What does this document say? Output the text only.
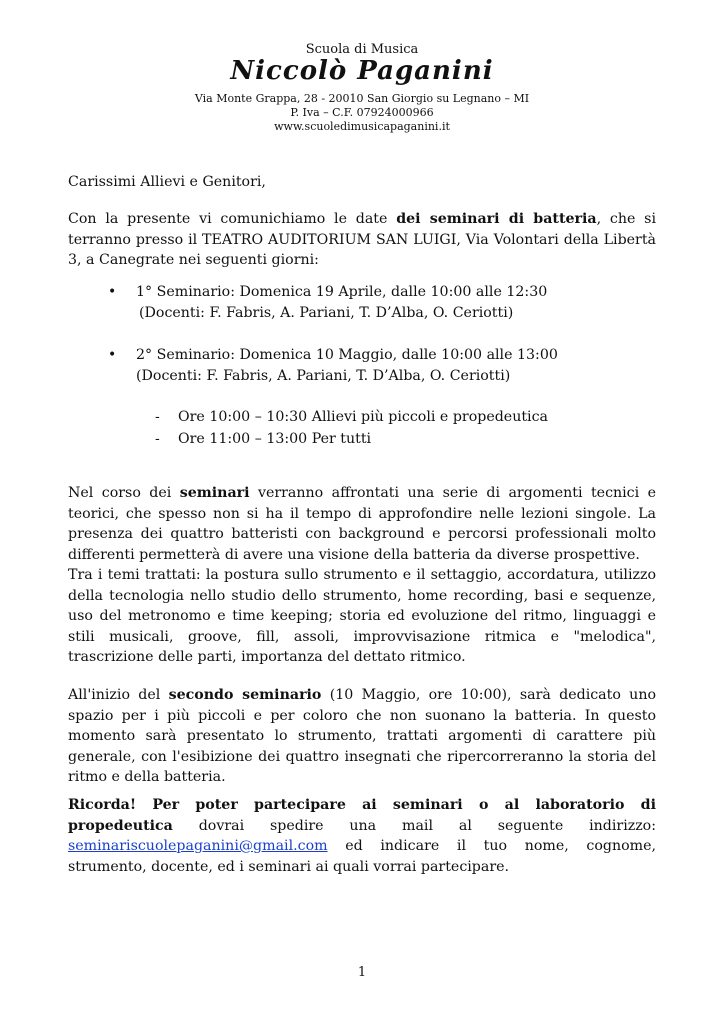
Scuola di Musica
Niccolò Paganini
Via Monte Grappa, 28 - 20010 San Giorgio su Legnano – MI
P. Iva – C.F. 07924000966
www.scuoledimusicapaganini.it
Carissimi Allievi e Genitori,
Con la presente vi comunichiamo le date dei seminari di batteria, che si terranno presso il TEATRO AUDITORIUM SAN LUIGI, Via Volontari della Libertà 3, a Canegrate nei seguenti giorni:
• 1° Seminario: Domenica 19 Aprile, dalle 10:00 alle 12:30
(Docenti: F. Fabris, A. Pariani, T. D’Alba, O. Ceriotti)
• 2° Seminario: Domenica 10 Maggio, dalle 10:00 alle 13:00
(Docenti: F. Fabris, A. Pariani, T. D’Alba, O. Ceriotti)
- Ore 10:00 – 10:30 Allievi più piccoli e propedeutica
- Ore 11:00 – 13:00 Per tutti
Nel corso dei seminari verranno affrontati una serie di argomenti tecnici e teorici, che spesso non si ha il tempo di approfondire nelle lezioni singole. La presenza dei quattro batteristi con background e percorsi professionali molto differenti permetterà di avere una visione della batteria da diverse prospettive.
Tra i temi trattati: la postura sullo strumento e il settaggio, accordatura, utilizzo della tecnologia nello studio dello strumento, home recording, basi e sequenze, uso del metronomo e time keeping; storia ed evoluzione del ritmo, linguaggi e stili musicali, groove, fill, assoli, improvvisazione ritmica e "melodica", trascrizione delle parti, importanza del dettato ritmico.
All'inizio del secondo seminario (10 Maggio, ore 10:00), sarà dedicato uno spazio per i più piccoli e per coloro che non suonano la batteria. In questo momento sarà presentato lo strumento, trattati argomenti di carattere più generale, con l'esibizione dei quattro insegnati che ripercorreranno la storia del ritmo e della batteria.
Ricorda! Per poter partecipare ai seminari o al laboratorio di propedeutica dovrai spedire una mail al seguente indirizzo: seminariscuolepaganini@gmail.com ed indicare il tuo nome, cognome, strumento, docente, ed i seminari ai quali vorrai partecipare.
1
